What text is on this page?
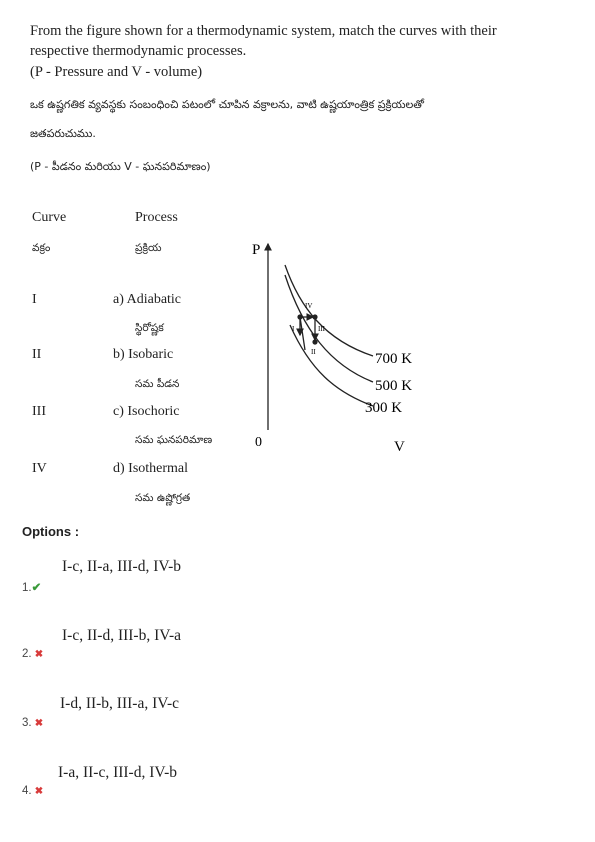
From the figure shown for a thermodynamic system, match the curves with their
respective thermodynamic processes.
(P - Pressure and V - volume)
ఒక ఉష్ణగతిక వ్యవస్థకు సంబంధించి పటంలో చూపిన వక్రాలను, వాటి ఉష్ణయాంత్రిక ప్రక్రియలతో
జతపరుచుము.
(P - పీడనం మరియు V - ఘనపరిమాణం)
Curve
వక్రం
Process
ప్రక్రియ
I
II
III
IV
a) Adiabatic
స్థిరోష్ణక
b) Isobaric
సమ పీడన
c) Isochoric
సమ ఘనపరిమాణ
d) Isothermal
సమ ఉష్ణోగ్రత
P
0	V
I
II
III
IV
700 K
500 K
300 K
Options :
I-c, II-a, III-d, IV-b
1.✔
I-c, II-d, III-b, IV-a
2. ✖
I-d, II-b, III-a, IV-c
3. ✖
I-a, II-c, III-d, IV-b
4. ✖
